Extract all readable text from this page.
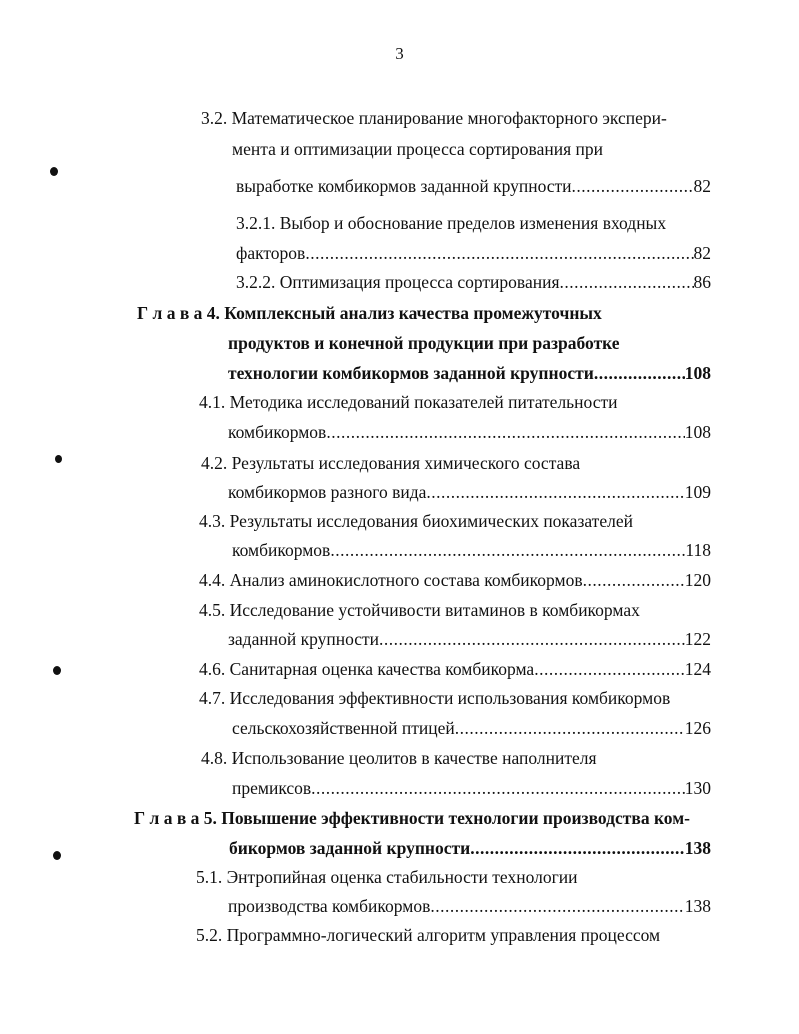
3
3.2. Математическое планирование многофакторного экспери-
мента и оптимизации процесса сортирования при
выработке комбикормов заданной крупности .....	82
3.2.1. Выбор и обоснование пределов изменения входных
факторов .....	82
3.2.2. Оптимизация процесса сортирования .....	86
Г л а в а 4. Комплексный анализ качества промежуточных
продуктов и конечной продукции при разработке
технологии комбикормов заданной крупности .....	108
4.1. Методика исследований показателей питательности
комбикормов .....	108
4.2. Результаты исследования химического состава
комбикормов разного вида .....	109
4.3. Результаты исследования биохимических показателей
комбикормов .....	118
4.4. Анализ аминокислотного состава комбикормов .....	120
4.5. Исследование устойчивости витаминов в комбикормах
заданной крупности .....	122
4.6. Санитарная оценка качества комбикорма .....	124
4.7. Исследования эффективности использования комбикормов
сельскохозяйственной птицей .....	126
4.8. Использование цеолитов в качестве наполнителя
премиксов .....	130
Г л а в а 5. Повышение эффективности технологии производства ком-
бикормов заданной крупности .....	138
5.1. Энтропийная оценка стабильности технологии
производства комбикормов .....	138
5.2. Программно-логический алгоритм управления процессом
